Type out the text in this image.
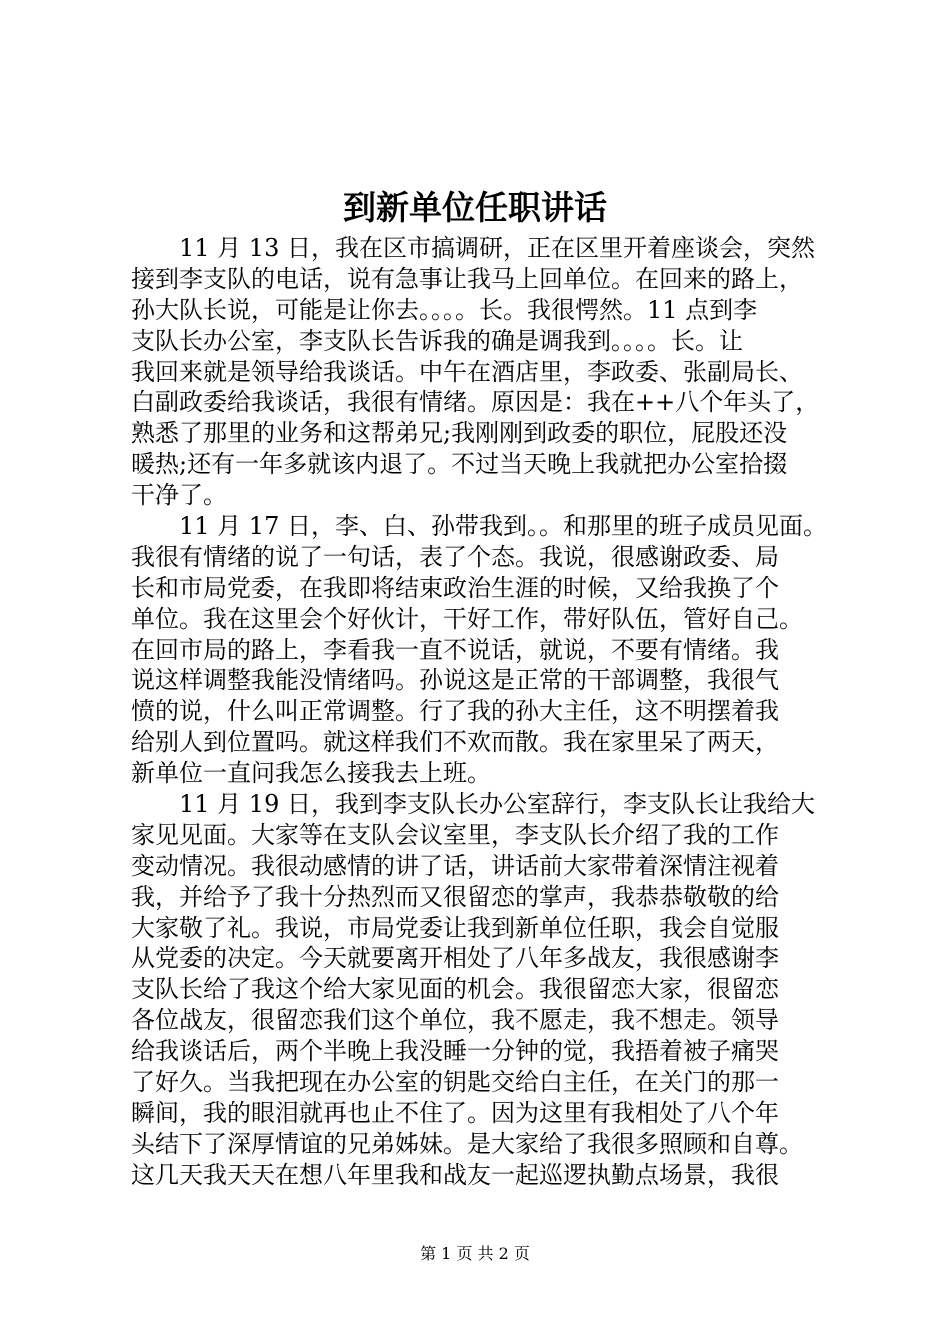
到新单位任职讲话
　　11 月 13 日，我在区市搞调研，正在区里开着座谈会，突然
接到李支队的电话，说有急事让我马上回单位。在回来的路上，
孙大队长说，可能是让你去。。。。长。我很愕然。11 点到李
支队长办公室，李支队长告诉我的确是调我到。。。。长。让
我回来就是领导给我谈话。中午在酒店里，李政委、张副局长、
白副政委给我谈话，我很有情绪。原因是：我在++八个年头了，
熟悉了那里的业务和这帮弟兄;我刚刚到政委的职位，屁股还没
暖热;还有一年多就该内退了。不过当天晚上我就把办公室拾掇
干净了。
　　11 月 17 日，李、白、孙带我到。。和那里的班子成员见面。
我很有情绪的说了一句话，表了个态。我说，很感谢政委、局
长和市局党委，在我即将结束政治生涯的时候，又给我换了个
单位。我在这里会个好伙计，干好工作，带好队伍，管好自己。
在回市局的路上，李看我一直不说话，就说，不要有情绪。我
说这样调整我能没情绪吗。孙说这是正常的干部调整，我很气
愤的说，什么叫正常调整。行了我的孙大主任，这不明摆着我
给别人到位置吗。就这样我们不欢而散。我在家里呆了两天，
新单位一直问我怎么接我去上班。
　　11 月 19 日，我到李支队长办公室辞行，李支队长让我给大
家见见面。大家等在支队会议室里，李支队长介绍了我的工作
变动情况。我很动感情的讲了话，讲话前大家带着深情注视着
我，并给予了我十分热烈而又很留恋的掌声，我恭恭敬敬的给
大家敬了礼。我说，市局党委让我到新单位任职，我会自觉服
从党委的决定。今天就要离开相处了八年多战友，我很感谢李
支队长给了我这个给大家见面的机会。我很留恋大家，很留恋
各位战友，很留恋我们这个单位，我不愿走，我不想走。领导
给我谈话后，两个半晚上我没睡一分钟的觉，我捂着被子痛哭
了好久。当我把现在办公室的钥匙交给白主任，在关门的那一
瞬间，我的眼泪就再也止不住了。因为这里有我相处了八个年
头结下了深厚情谊的兄弟姊妹。是大家给了我很多照顾和自尊。
这几天我天天在想八年里我和战友一起巡逻执勤点场景，我很
第 1 页 共 2 页
